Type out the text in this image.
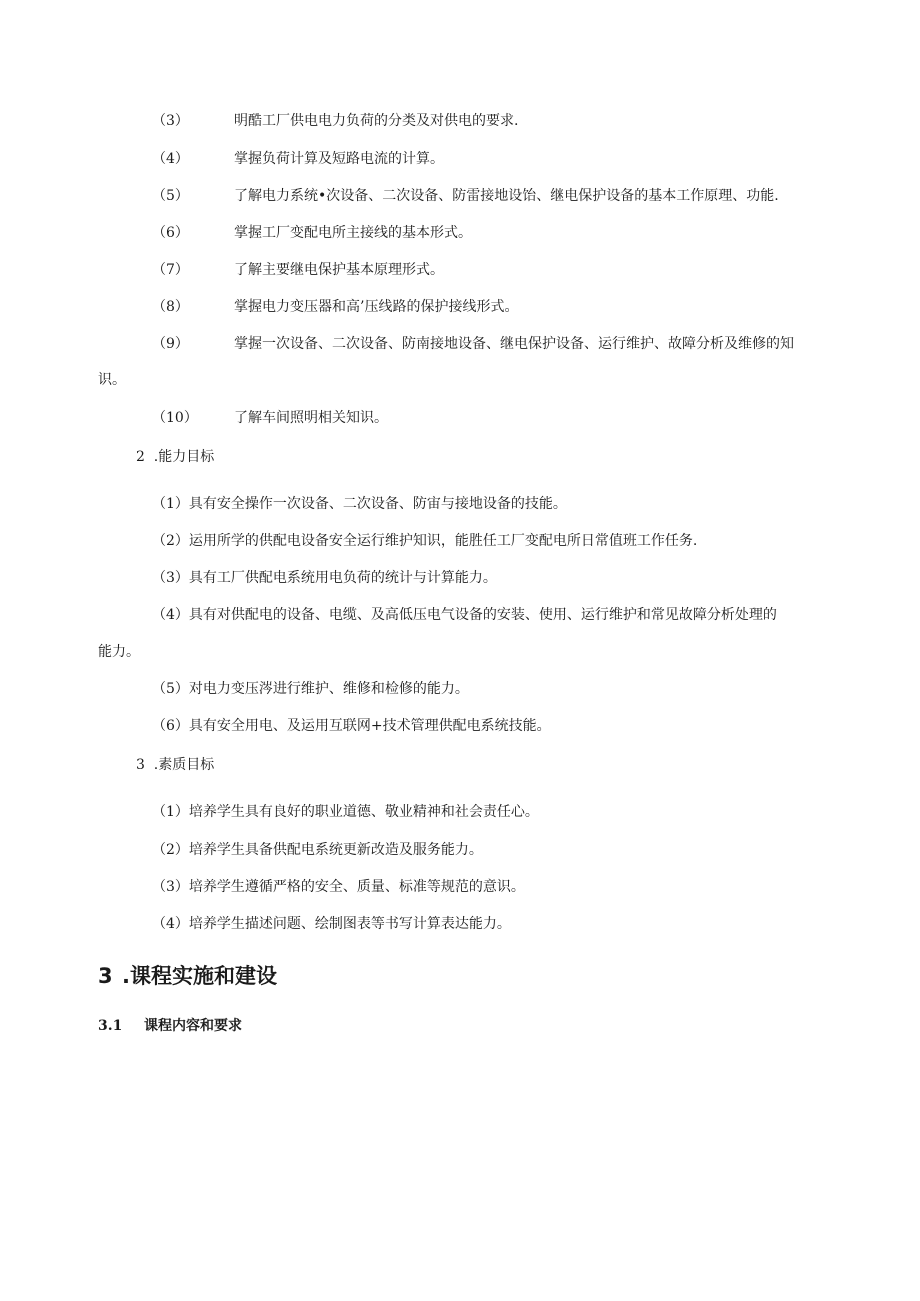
（3）	明酷工厂供电电力负荷的分类及对供电的要求.
（4）	掌握负荷计算及短路电流的计算。
（5）	了解电力系统•次设备、二次设备、防雷接地设饴、继电保护设备的基本工作原理、功能.
（6）	掌握工厂变配电所主接线的基本形式。
（7）	了解主要继电保护基本原理形式。
（8）	掌握电力变压器和高’压线路的保护接线形式。
（9）	掌握一次设备、二次设备、防南接地设备、继电保护设备、运行维护、故障分析及维修的知
识。
（10）	了解车间照明相关知识。
2  .能力目标
（1）具有安全操作一次设备、二次设备、防宙与接地设备的技能。
（2）运用所学的供配电设备安全运行维护知识，能胜任工厂变配电所日常值班工作任务.
（3）具有工厂供配电系统用电负荷的统计与计算能力。
（4）具有对供配电的设备、电缆、及高低压电气设备的安装、使用、运行维护和常见故障分析处理的
能力。
（5）对电力变压涔进行维护、维修和检修的能力。
（6）具有安全用电、及运用互联网+技术管理供配电系统技能。
3  .素质目标
（1）培养学生具有良好的职业道德、敬业精神和社会责任心。
（2）培养学生具备供配电系统更新改造及服务能力。
（3）培养学生遵循严格的安全、质量、标准等规范的意识。
（4）培养学生描述问题、绘制图表等书写计算表达能力。
3 .课程实施和建设
3.1 课程内容和要求
